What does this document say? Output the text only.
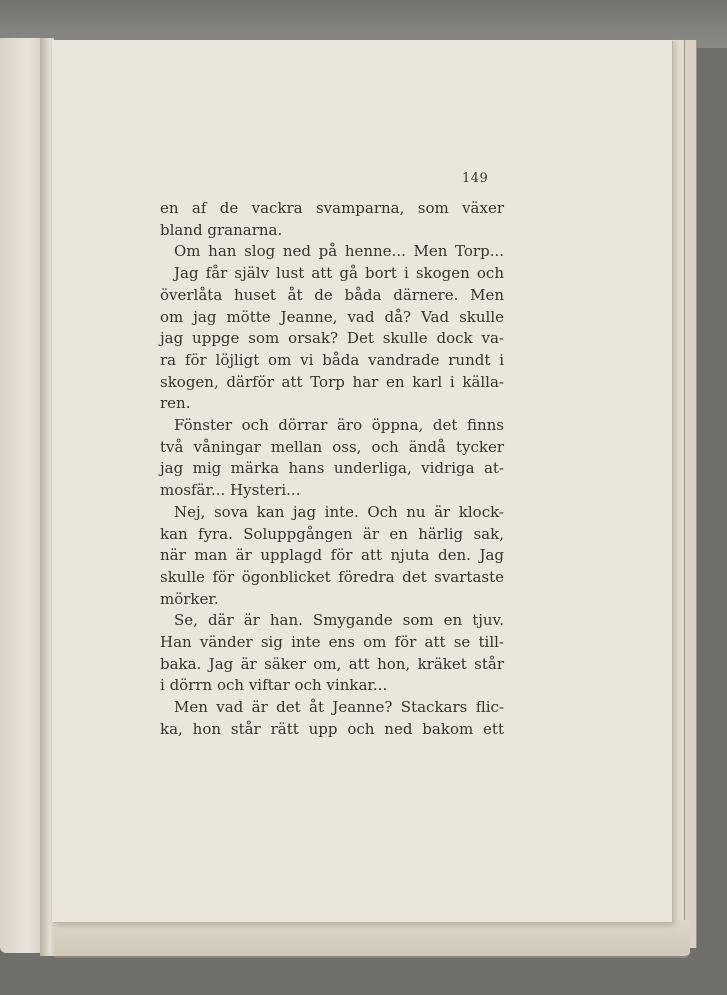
149
en af de vackra svamparna, som växer
bland granarna.
Om han slog ned på henne... Men Torp...
Jag får själv lust att gå bort i skogen och
överlåta huset åt de båda därnere. Men
om jag mötte Jeanne, vad då? Vad skulle
jag uppge som orsak? Det skulle dock va-
ra för löjligt om vi båda vandrade rundt i
skogen, därför att Torp har en karl i källa-
ren.
Fönster och dörrar äro öppna, det finns
två våningar mellan oss, och ändå tycker
jag mig märka hans underliga, vidriga at-
mosfär... Hysteri...
Nej, sova kan jag inte. Och nu är klock-
kan fyra. Soluppgången är en härlig sak,
när man är upplagd för att njuta den. Jag
skulle för ögonblicket föredra det svartaste
mörker.
Se, där är han. Smygande som en tjuv.
Han vänder sig inte ens om för att se till-
baka. Jag är säker om, att hon, kräket står
i dörrn och viftar och vinkar...
Men vad är det åt Jeanne? Stackars flic-
ka, hon står rätt upp och ned bakom ett
